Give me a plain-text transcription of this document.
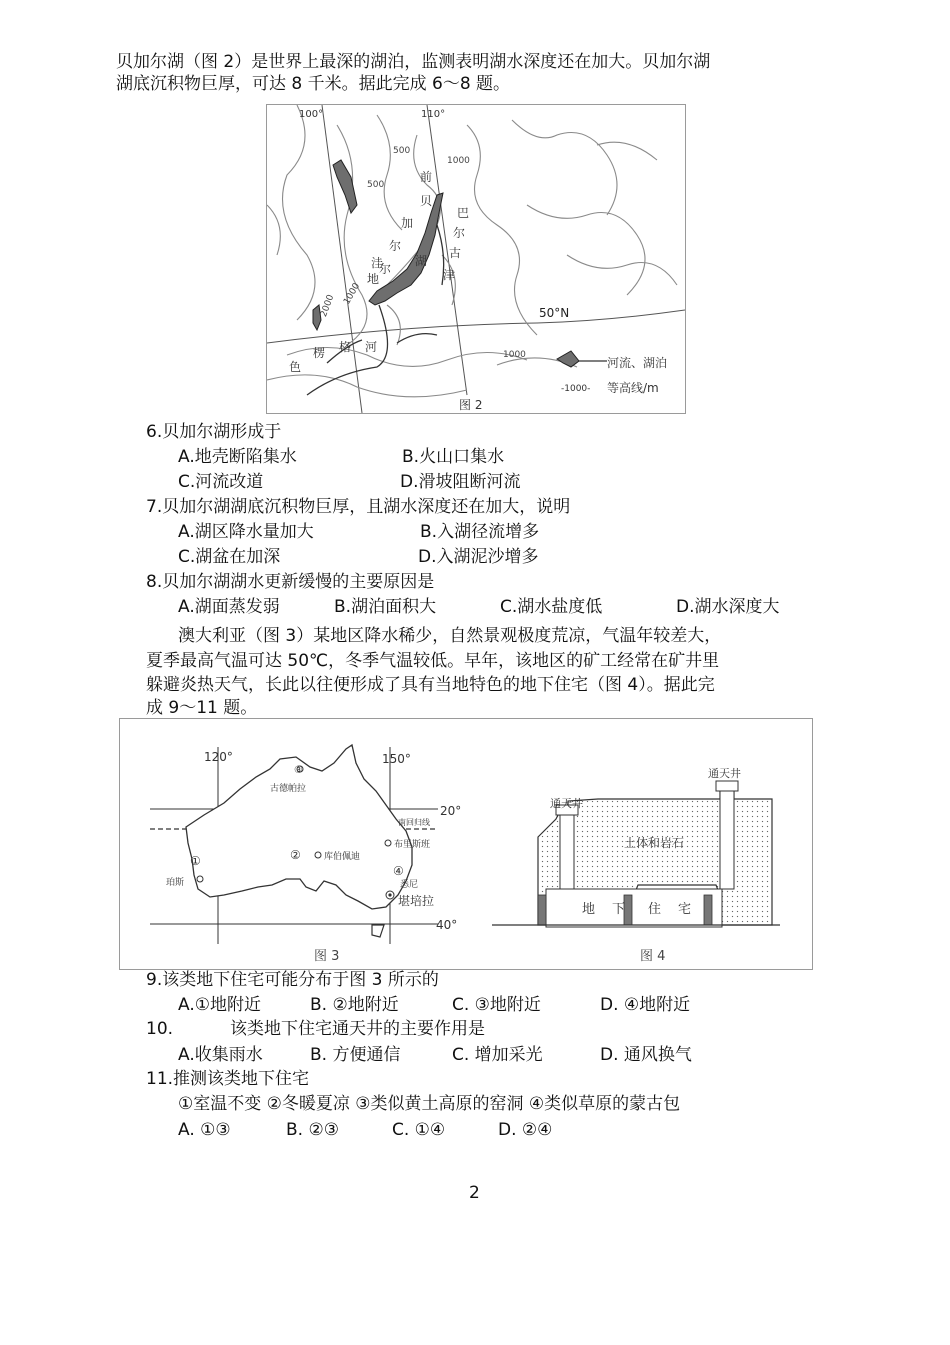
贝加尔湖（图 2）是世界上最深的湖泊，监测表明湖水深度还在加大。贝加尔湖
湖底沉积物巨厚，可达 8 千米。据此完成 6～8 题。
500
500
1000
1000
1000
2000
100°	110°
50°N
前
贝
加
尔
湖
巴
尔
古
津
尔
洼
地
色
楞 格 河
河流、湖泊
-1000- 等高线/m
图 2
6.贝加尔湖形成于
A.地壳断陷集水	B.火山口集水
C.河流改道	D.滑坡阻断河流
7.贝加尔湖湖底沉积物巨厚，且湖水深度还在加大，说明
A.湖区降水量加大	B.入湖径流增多
C.湖盆在加深	D.入湖泥沙增多
8.贝加尔湖湖水更新缓慢的主要原因是
A.湖面蒸发弱	B.湖泊面积大	C.湖水盐度低	D.湖水深度大
澳大利亚（图 3）某地区降水稀少，自然景观极度荒凉，气温年较差大，
夏季最高气温可达 50℃，冬季气温较低。早年，该地区的矿工经常在矿井里
躲避炎热天气，长此以往便形成了具有当地特色的地下住宅（图 4）。据此完
成 9～11 题。
120°	150°
20°
40°
南回归线
古德帕拉
③
②	库伯佩迪
布里斯班
①
珀斯
④
悉尼
堪培拉
图 3
通天井
通天井
土体和岩石
地 下 住 宅
图 4
9.该类地下住宅可能分布于图 3 所示的
A.①地附近	B. ②地附近	C. ③地附近	D. ④地附近
10.	该类地下住宅通天井的主要作用是
A.收集雨水	B. 方便通信	C. 增加采光	D. 通风换气
11.推测该类地下住宅
①室温不变 ②冬暖夏凉 ③类似黄土高原的窑洞 ④类似草原的蒙古包
A. ①③	B. ②③	C. ①④	D. ②④
2
